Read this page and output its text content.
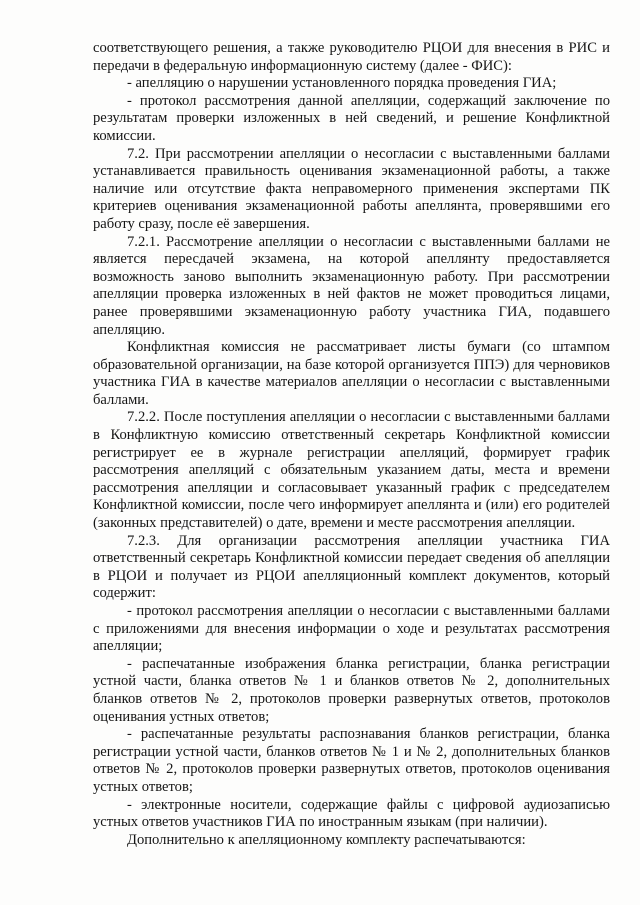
соответствующего решения, а также руководителю РЦОИ для внесения в РИС и передачи в федеральную информационную систему (далее - ФИС):

- апелляцию о нарушении установленного порядка проведения ГИА;

- протокол рассмотрения данной апелляции, содержащий заключение по результатам проверки изложенных в ней сведений, и решение Конфликтной комиссии.

7.2. При рассмотрении апелляции о несогласии с выставленными баллами устанавливается правильность оценивания экзаменационной работы, а также наличие или отсутствие факта неправомерного применения экспертами ПК критериев оценивания экзаменационной работы апеллянта, проверявшими его работу сразу, после её завершения.

7.2.1. Рассмотрение апелляции о несогласии с выставленными баллами не является пересдачей экзамена, на которой апеллянту предоставляется возможность заново выполнить экзаменационную работу. При рассмотрении апелляции проверка изложенных в ней фактов не может проводиться лицами, ранее проверявшими экзаменационную работу участника ГИА, подавшего апелляцию.

Конфликтная комиссия не рассматривает листы бумаги (со штампом образовательной организации, на базе которой организуется ППЭ) для черновиков участника ГИА в качестве материалов апелляции о несогласии с выставленными баллами.

7.2.2. После поступления апелляции о несогласии с выставленными баллами в Конфликтную комиссию ответственный секретарь Конфликтной комиссии регистрирует ее в журнале регистрации апелляций, формирует график рассмотрения апелляций с обязательным указанием даты, места и времени рассмотрения апелляции и согласовывает указанный график с председателем Конфликтной комиссии, после чего информирует апеллянта и (или) его родителей (законных представителей) о дате, времени и месте рассмотрения апелляции.

7.2.3. Для организации рассмотрения апелляции участника ГИА ответственный секретарь Конфликтной комиссии передает сведения об апелляции в РЦОИ и получает из РЦОИ апелляционный комплект документов, который содержит:

- протокол рассмотрения апелляции о несогласии с выставленными баллами с приложениями для внесения информации о ходе и результатах рассмотрения апелляции;

- распечатанные изображения бланка регистрации, бланка регистрации устной части, бланка ответов № 1 и бланков ответов № 2, дополнительных бланков ответов № 2, протоколов проверки развернутых ответов, протоколов оценивания устных ответов;

- распечатанные результаты распознавания бланков регистрации, бланка регистрации устной части, бланков ответов № 1 и № 2, дополнительных бланков ответов № 2, протоколов проверки развернутых ответов, протоколов оценивания устных ответов;

- электронные носители, содержащие файлы с цифровой аудиозаписью устных ответов участников ГИА по иностранным языкам (при наличии).

Дополнительно к апелляционному комплекту распечатываются:
